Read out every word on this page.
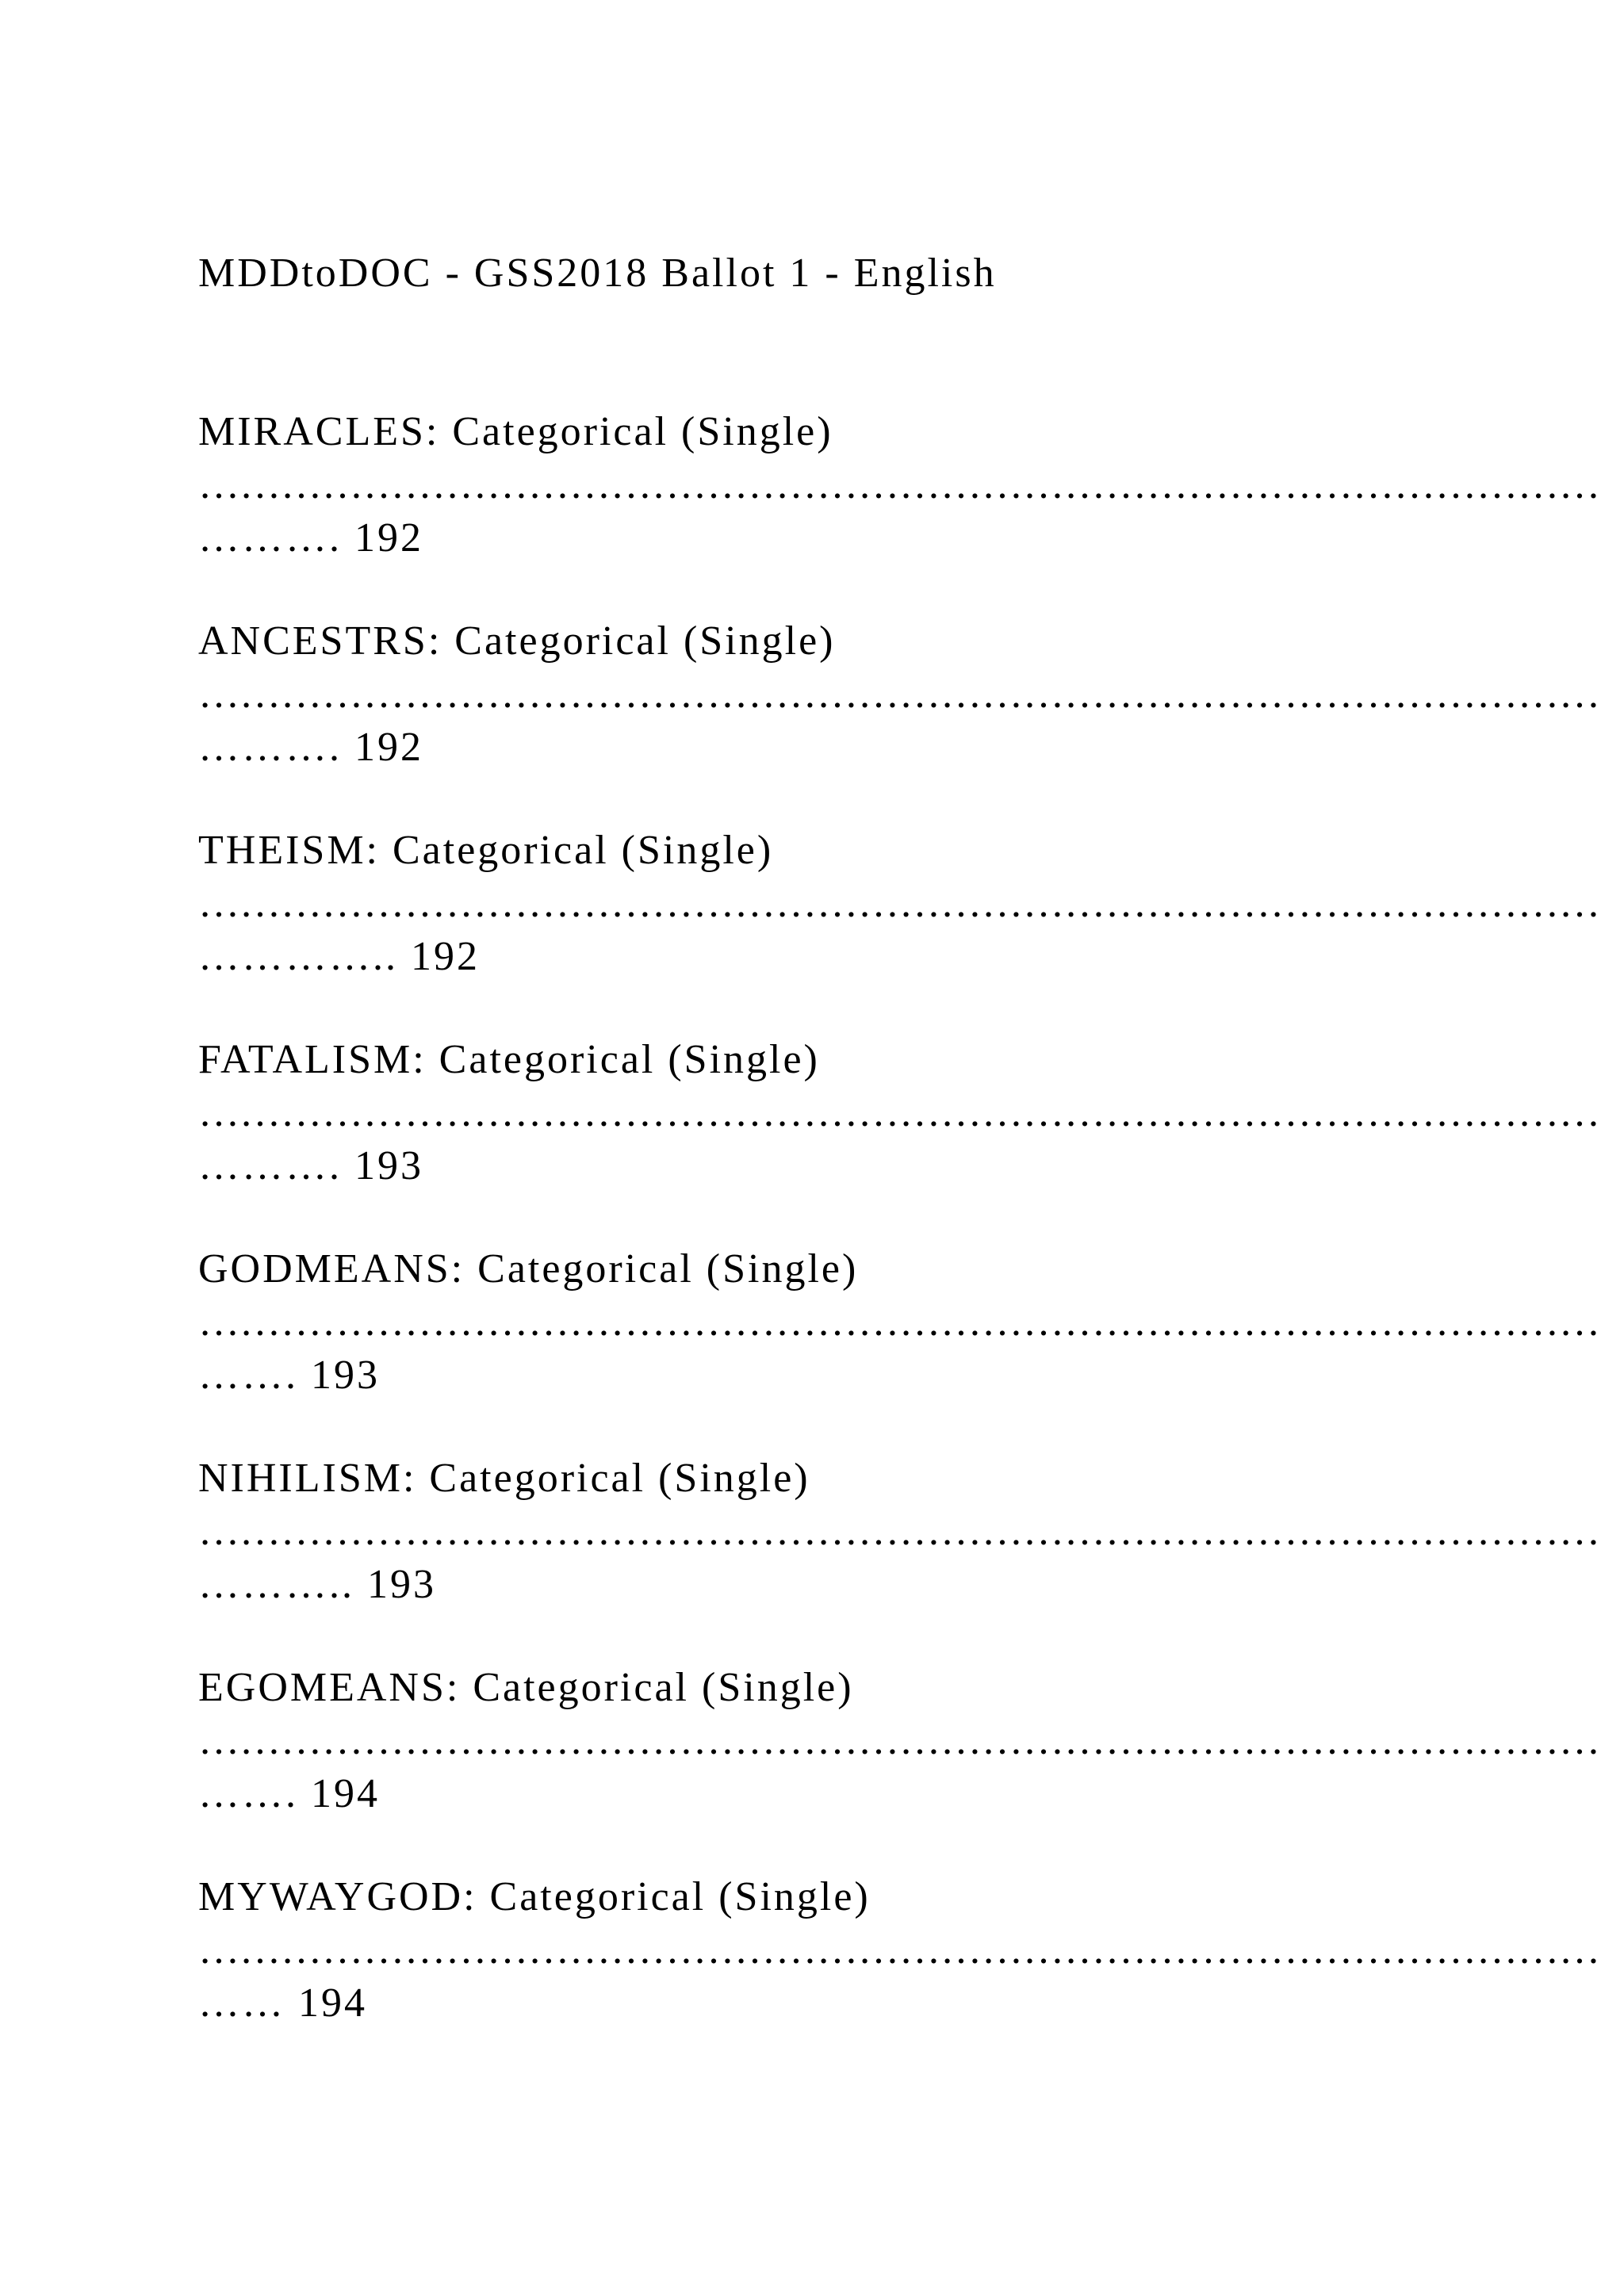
MDDtoDOC - GSS2018 Ballot 1 - English
MIRACLES: Categorical (Single)
…………………………………………………………………………………………
………. 192
ANCESTRS: Categorical (Single)
…………………………………………………………………………………………
………. 192
THEISM: Categorical (Single)
…………………………………………………………………………………………
………….. 192
FATALISM: Categorical (Single)
…………………………………………………………………………………………
………. 193
GODMEANS: Categorical (Single)
…………………………………………………………………………………………
……. 193
NIHILISM: Categorical (Single)
…………………………………………………………………………………………
……….. 193
EGOMEANS: Categorical (Single)
…………………………………………………………………………………………
……. 194
MYWAYGOD: Categorical (Single)
…………………………………………………………………………………………
…… 194
